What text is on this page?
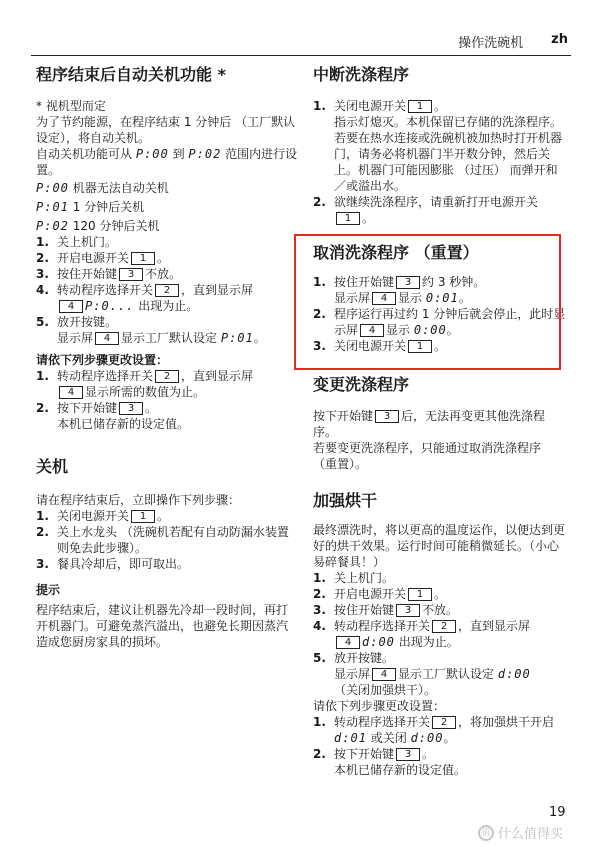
操作洗碗机 zh
程序结束后自动关机功能 *

* 视机型而定

为了节约能源，在程序结束 1 分钟后 （工厂默认设定），将自动关机。

自动关机功能可从 P:00 到 P:02 范围内进行设置。

P:00 机器无法自动关机

P:01 1 分钟后关机

P:02 120 分钟后关机

1. 关上机门。
2. 开启电源开关 1 。
3. 按住开始键 3 不放。
4. 转动程序选择开关 2 ，直到显示屏
4 P:0... 出现为止。
5. 放开按键。
显示屏 4 显示工厂默认设定 P:01。

请依下列步骤更改设置：

1. 转动程序选择开关 2 ，直到显示屏
4 显示所需的数值为止。
2. 按下开始键 3 。
本机已储存新的设定值。
关机

请在程序结束后，立即操作下列步骤：

1. 关闭电源开关 1 。
2. 关上水龙头 （洗碗机若配有自动防漏水装置则免去此步骤）。
3. 餐具冷却后，即可取出。

提示

程序结束后，建议让机器先冷却一段时间，再打开机器门。可避免蒸汽溢出，也避免长期因蒸汽造成您厨房家具的损坏。

中断洗涤程序
1. 关闭电源开关 1 。
指示灯熄灭。本机保留已存储的洗涤程序。
若要在热水连接或洗碗机被加热时打开机器门，请务必将机器门半开数分钟，然后关上。机器门可能因膨胀 （过压） 而弹开和／或溢出水。
2. 欲继续洗涤程序，请重新打开电源开关
1 。
取消洗涤程序 （重置）
1. 按住开始键 3 约 3 秒钟。
显示屏 4 显示 0:01。
2. 程序运行再过约 1 分钟后就会停止，此时显示屏 4 显示 0:00。
3. 关闭电源开关 1 。
变更洗涤程序

按下开始键 3 后，无法再变更其他洗涤程序。

若要变更洗涤程序，只能通过取消洗涤程序 （重置）。

加强烘干

最终漂洗时，将以更高的温度运作，以便达到更好的烘干效果。运行时间可能稍微延长。（小心易碎餐具！）

1. 关上机门。
2. 开启电源开关 1 。
3. 按住开始键 3 不放。
4. 转动程序选择开关 2 ，直到显示屏
4 d:00 出现为止。
5. 放开按键。
显示屏 4 显示工厂默认设定 d:00
（关闭加强烘干）。

请依下列步骤更改设置：

1. 转动程序选择开关 2 ，将加强烘干开启
d:01 或关闭 d:00。
2. 按下开始键 3 。
本机已储存新的设定值。
19
值 什么值得买
